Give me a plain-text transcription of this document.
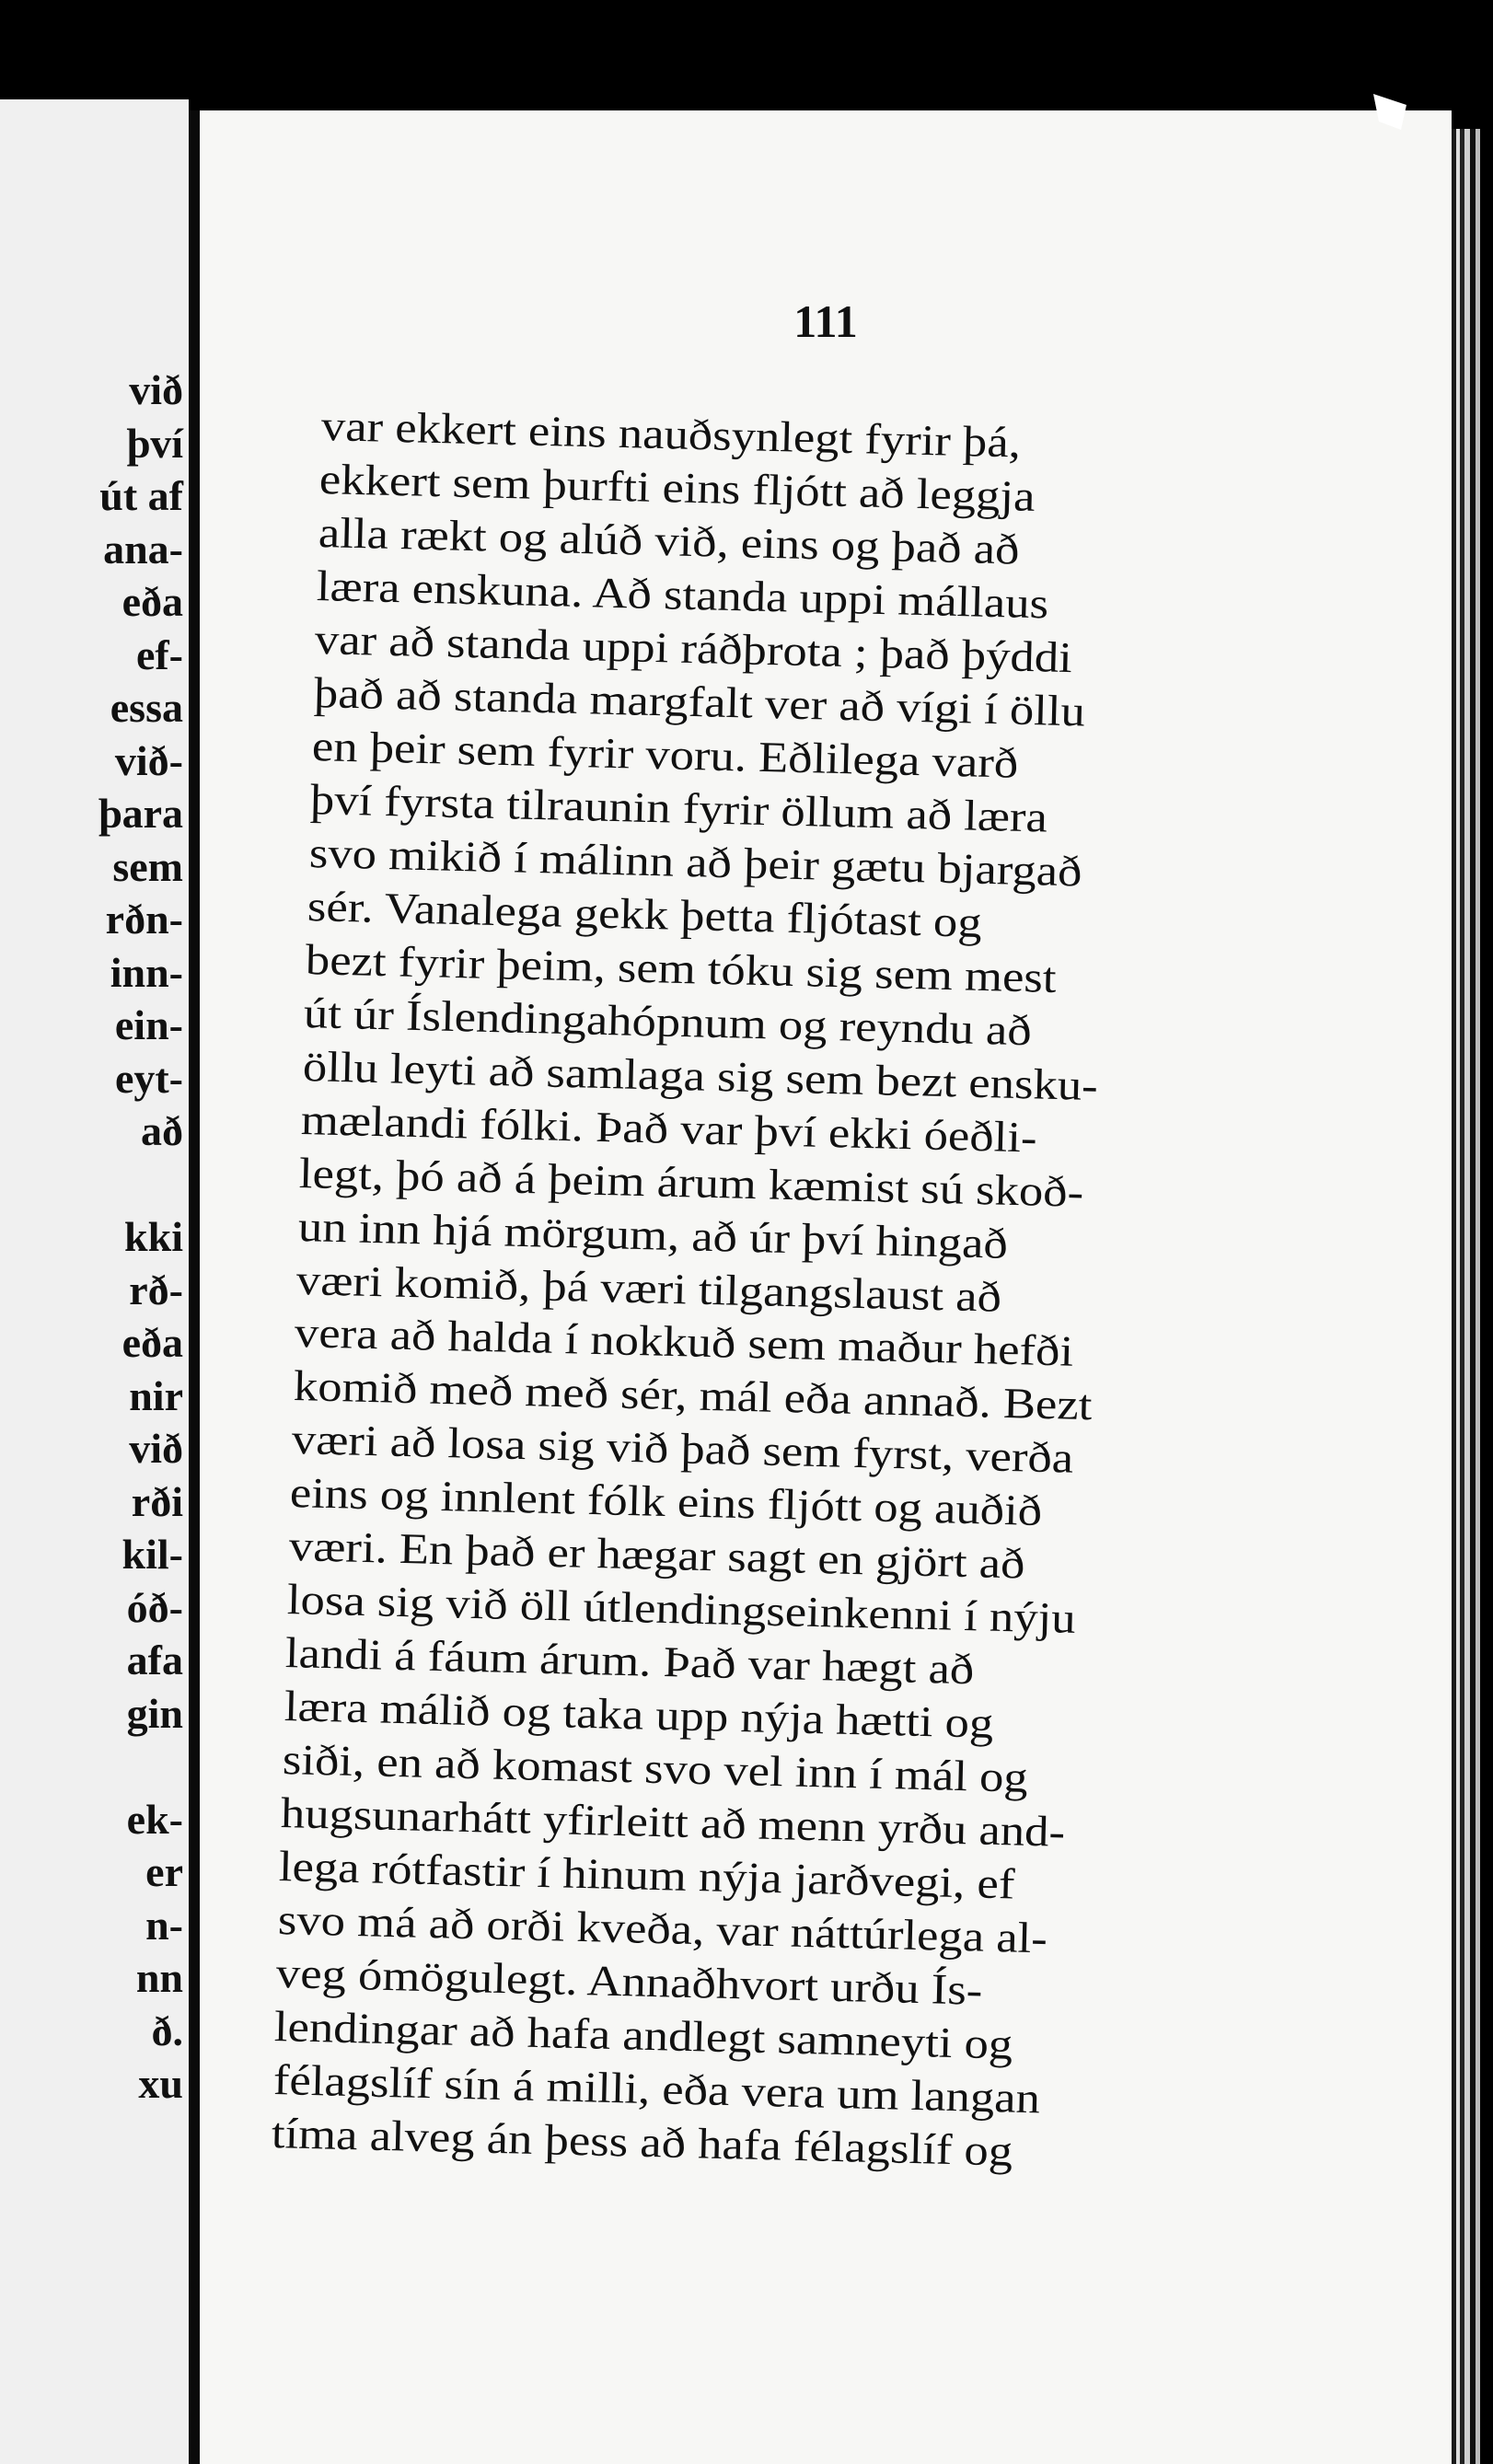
við
því
út af
ana-
eða
ef-
essa
við-
þara
sem
rðn-
inn-
ein-
eyt-
að
kki
rð-
eða
nir
við
rði
kil-
óð-
afa
gin
ek-
er
n-
nn
ð.
xu
111
var ekkert eins nauðsynlegt fyrir þá,
ekkert sem þurfti eins fljótt að leggja
alla rækt og alúð við, eins og það að
læra enskuna. Að standa uppi mállaus
var að standa uppi ráðþrota ; það þýddi
það að standa margfalt ver að vígi í öllu
en þeir sem fyrir voru. Eðlilega varð
því fyrsta tilraunin fyrir öllum að læra
svo mikið í málinn að þeir gætu bjargað
sér. Vanalega gekk þetta fljótast og
bezt fyrir þeim, sem tóku sig sem mest
út úr Íslendingahópnum og reyndu að
öllu leyti að samlaga sig sem bezt ensku-
mælandi fólki. Það var því ekki óeðli-
legt, þó að á þeim árum kæmist sú skoð-
un inn hjá mörgum, að úr því hingað
væri komið, þá væri tilgangslaust að
vera að halda í nokkuð sem maður hefði
komið með með sér, mál eða annað. Bezt
væri að losa sig við það sem fyrst, verða
eins og innlent fólk eins fljótt og auðið
væri. En það er hægar sagt en gjört að
losa sig við öll útlendingseinkenni í nýju
landi á fáum árum. Það var hægt að
læra málið og taka upp nýja hætti og
siði, en að komast svo vel inn í mál og
hugsunarhátt yfirleitt að menn yrðu and-
lega rótfastir í hinum nýja jarðvegi, ef
svo má að orði kveða, var náttúrlega al-
veg ómögulegt. Annaðhvort urðu Ís-
lendingar að hafa andlegt samneyti og
félagslíf sín á milli, eða vera um langan
tíma alveg án þess að hafa félagslíf og
